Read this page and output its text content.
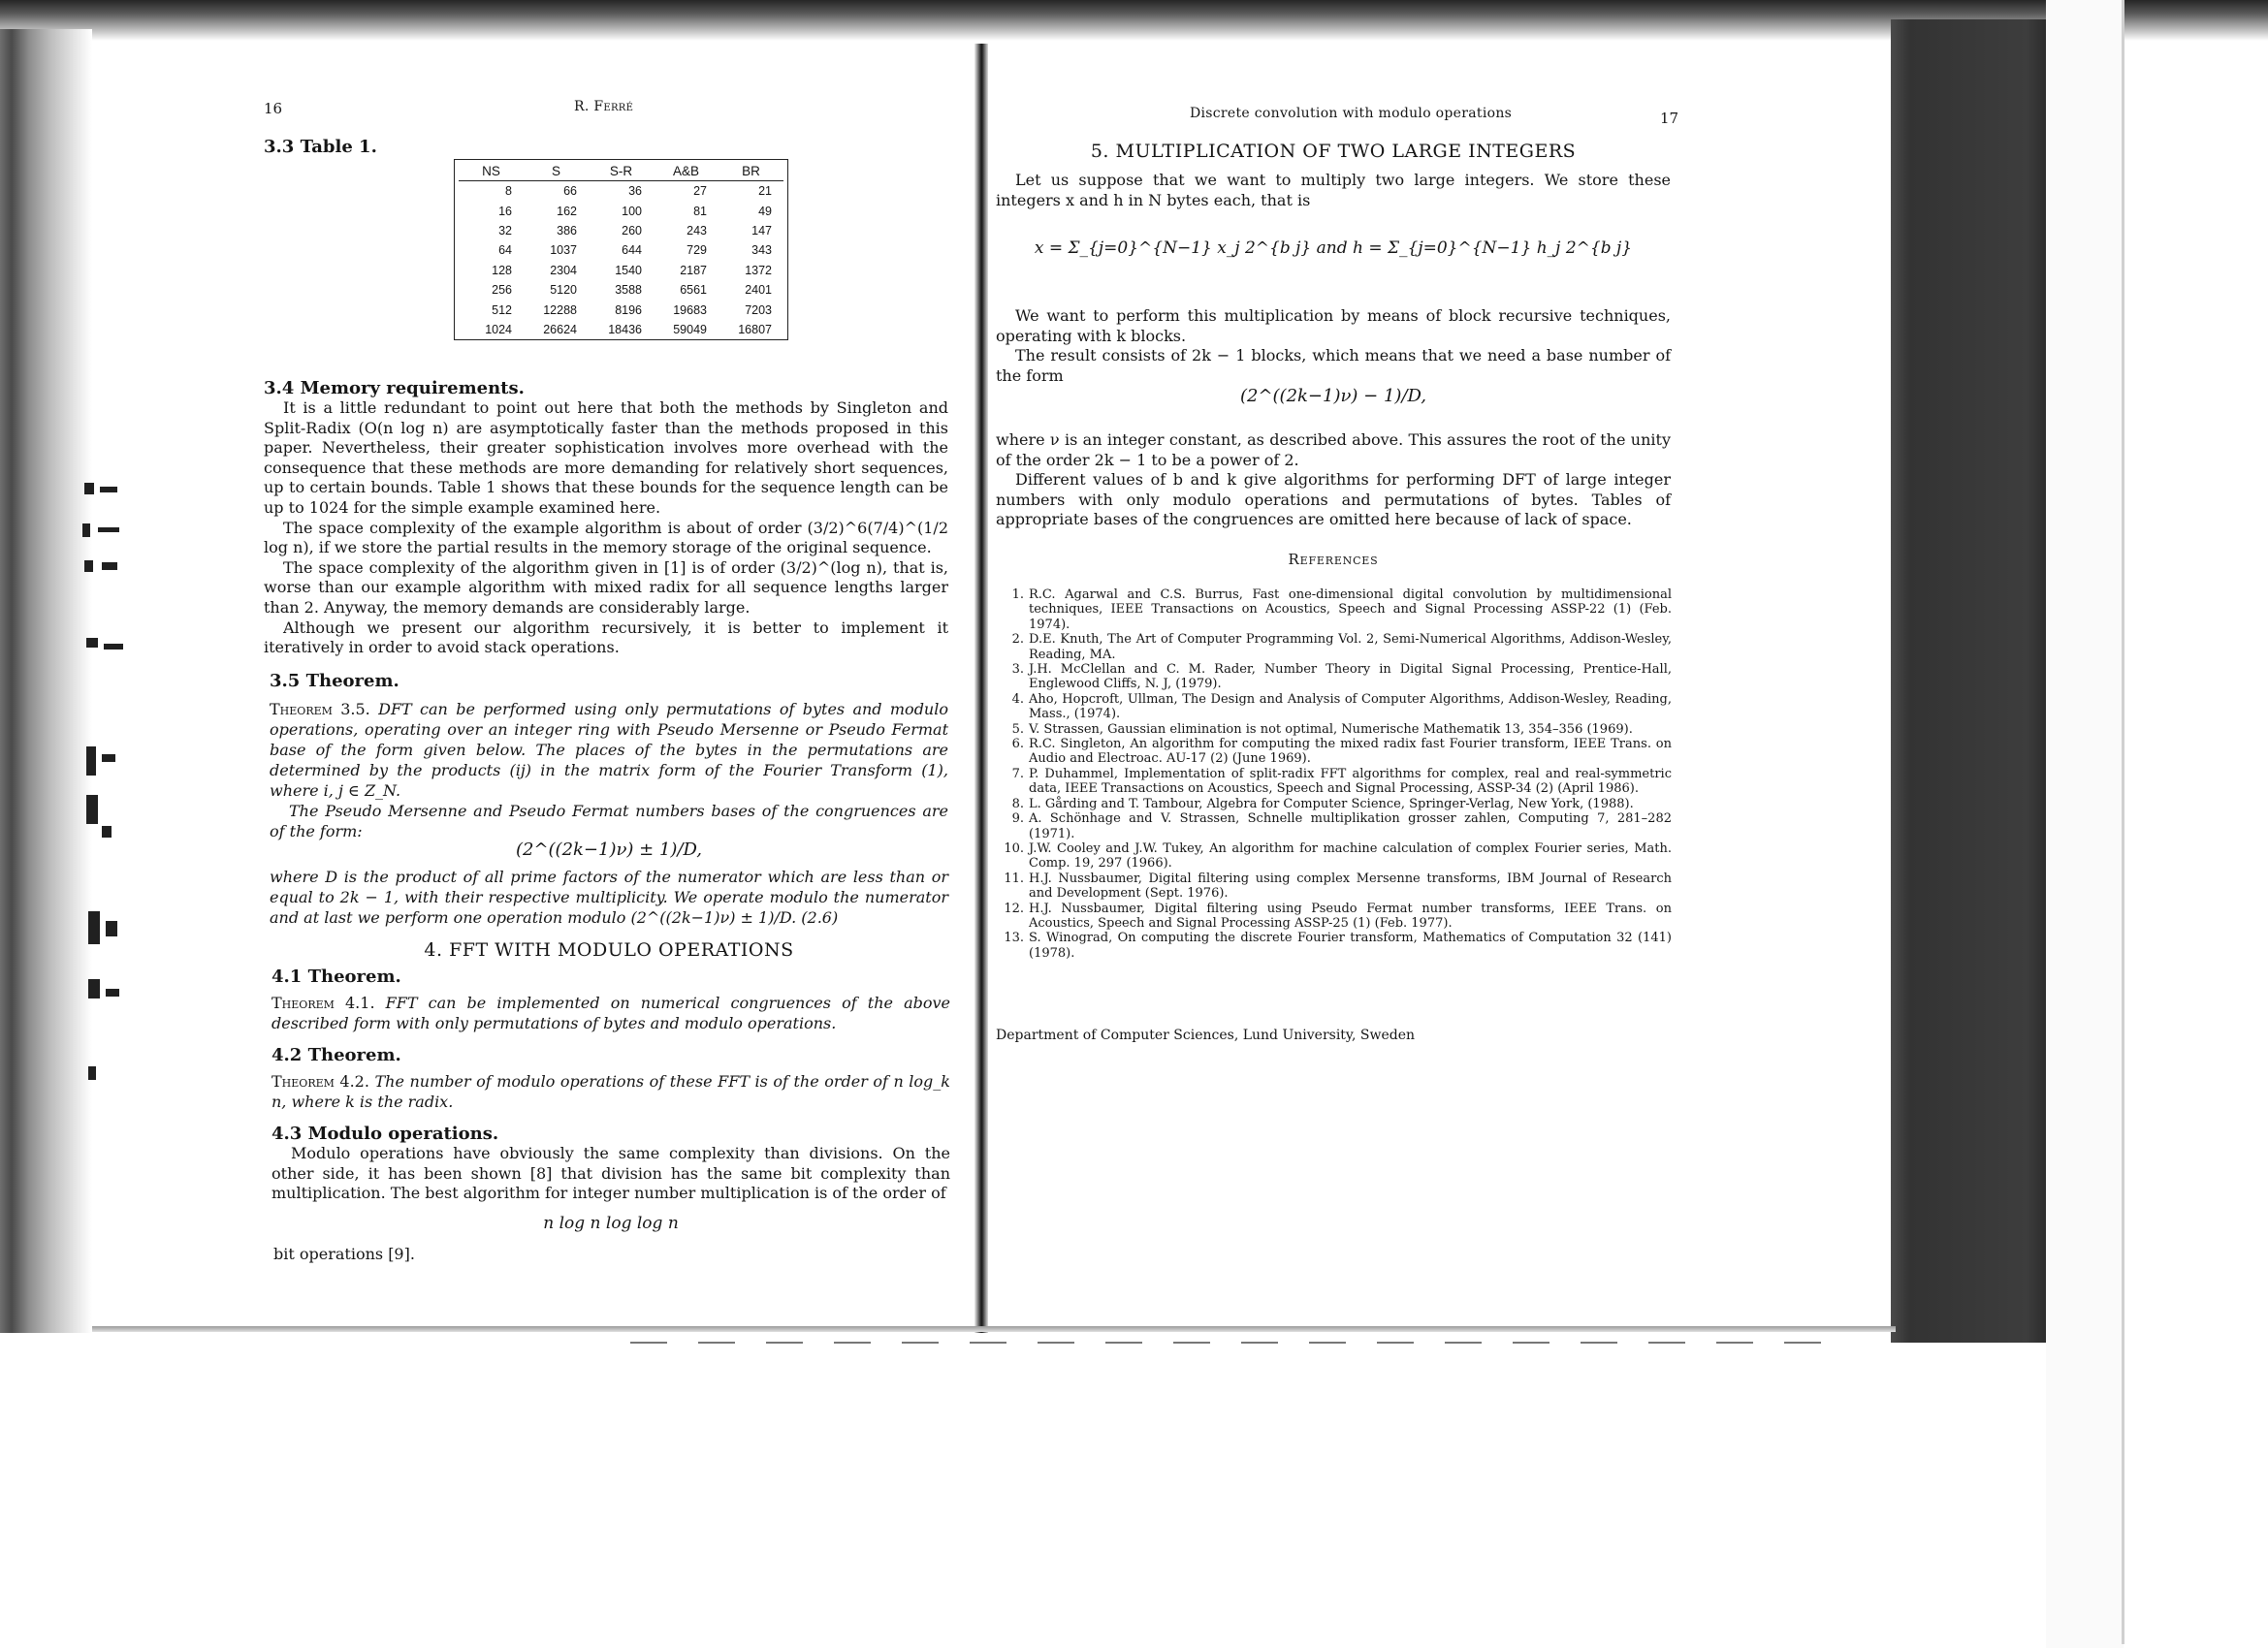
16	R. Ferré
3.3 Table 1.
NS	S	S-R	A&B	BR
8	66	36	27	21
16	162	100	81	49
32	386	260	243	147
64	1037	644	729	343
128	2304	1540	2187	1372
256	5120	3588	6561	2401
512	12288	8196	19683	7203
1024	26624	18436	59049	16807
3.4 Memory requirements.

It is a little redundant to point out here that both the methods by Singleton and Split-Radix (O(n log n) are asymptotically faster than the methods proposed in this paper. Nevertheless, their greater sophistication involves more overhead with the consequence that these methods are more demanding for relatively short sequences, up to certain bounds. Table 1 shows that these bounds for the sequence length can be up to 1024 for the simple example examined here.

The space complexity of the example algorithm is about of order (3/2)^6(7/4)^(1/2 log n), if we store the partial results in the memory storage of the original sequence.

The space complexity of the algorithm given in [1] is of order (3/2)^(log n), that is, worse than our example algorithm with mixed radix for all sequence lengths larger than 2. Anyway, the memory demands are considerably large.

Although we present our algorithm recursively, it is better to implement it iteratively in order to avoid stack operations.

3.5 Theorem.
Theorem 3.5. DFT can be performed using only permutations of bytes and modulo operations, operating over an integer ring with Pseudo Mersenne or Pseudo Fermat base of the form given below. The places of the bytes in the permutations are determined by the products (ij) in the matrix form of the Fourier Transform (1), where i, j ∈ Z_N.
The Pseudo Mersenne and Pseudo Fermat numbers bases of the congruences are of the form:
(2^((2k−1)ν) ± 1)/D,
where D is the product of all prime factors of the numerator which are less than or equal to 2k − 1, with their respective multiplicity. We operate modulo the numerator and at last we perform one operation modulo (2^((2k−1)ν) ± 1)/D. (2.6)
4. FFT WITH MODULO OPERATIONS
4.1 Theorem.
Theorem 4.1. FFT can be implemented on numerical congruences of the above described form with only permutations of bytes and modulo operations.
4.2 Theorem.
Theorem 4.2. The number of modulo operations of these FFT is of the order of n log_k n, where k is the radix.
4.3 Modulo operations.

Modulo operations have obviously the same complexity than divisions. On the other side, it has been shown [8] that division has the same bit complexity than multiplication. The best algorithm for integer number multiplication is of the order of

n log n log log n
bit operations [9].
Discrete convolution with modulo operations	17
5. MULTIPLICATION OF TWO LARGE INTEGERS

Let us suppose that we want to multiply two large integers. We store these integers x and h in N bytes each, that is

x = Σ_{j=0}^{N−1} x_j 2^{b j} and h = Σ_{j=0}^{N−1} h_j 2^{b j}

We want to perform this multiplication by means of block recursive techniques, operating with k blocks.

The result consists of 2k − 1 blocks, which means that we need a base number of the form

(2^((2k−1)ν) − 1)/D,

where ν is an integer constant, as described above. This assures the root of the unity of the order 2k − 1 to be a power of 2.

Different values of b and k give algorithms for performing DFT of large integer numbers with only modulo operations and permutations of bytes. Tables of appropriate bases of the congruences are omitted here because of lack of space.

References
1. R.C. Agarwal and C.S. Burrus, Fast one-dimensional digital convolution by multidimensional techniques, IEEE Transactions on Acoustics, Speech and Signal Processing ASSP-22 (1) (Feb. 1974).
2. D.E. Knuth, The Art of Computer Programming Vol. 2, Semi-Numerical Algorithms, Addison-Wesley, Reading, MA.
3. J.H. McClellan and C. M. Rader, Number Theory in Digital Signal Processing, Prentice-Hall, Englewood Cliffs, N. J, (1979).
4. Aho, Hopcroft, Ullman, The Design and Analysis of Computer Algorithms, Addison-Wesley, Reading, Mass., (1974).
5. V. Strassen, Gaussian elimination is not optimal, Numerische Mathematik 13, 354–356 (1969).
6. R.C. Singleton, An algorithm for computing the mixed radix fast Fourier transform, IEEE Trans. on Audio and Electroac. AU-17 (2) (June 1969).
7. P. Duhammel, Implementation of split-radix FFT algorithms for complex, real and real-symmetric data, IEEE Transactions on Acoustics, Speech and Signal Processing, ASSP-34 (2) (April 1986).
8. L. Gårding and T. Tambour, Algebra for Computer Science, Springer-Verlag, New York, (1988).
9. A. Schönhage and V. Strassen, Schnelle multiplikation grosser zahlen, Computing 7, 281–282 (1971).
10. J.W. Cooley and J.W. Tukey, An algorithm for machine calculation of complex Fourier series, Math. Comp. 19, 297 (1966).
11. H.J. Nussbaumer, Digital filtering using complex Mersenne transforms, IBM Journal of Research and Development (Sept. 1976).
12. H.J. Nussbaumer, Digital filtering using Pseudo Fermat number transforms, IEEE Trans. on Acoustics, Speech and Signal Processing ASSP-25 (1) (Feb. 1977).
13. S. Winograd, On computing the discrete Fourier transform, Mathematics of Computation 32 (141) (1978).
Department of Computer Sciences, Lund University, Sweden
